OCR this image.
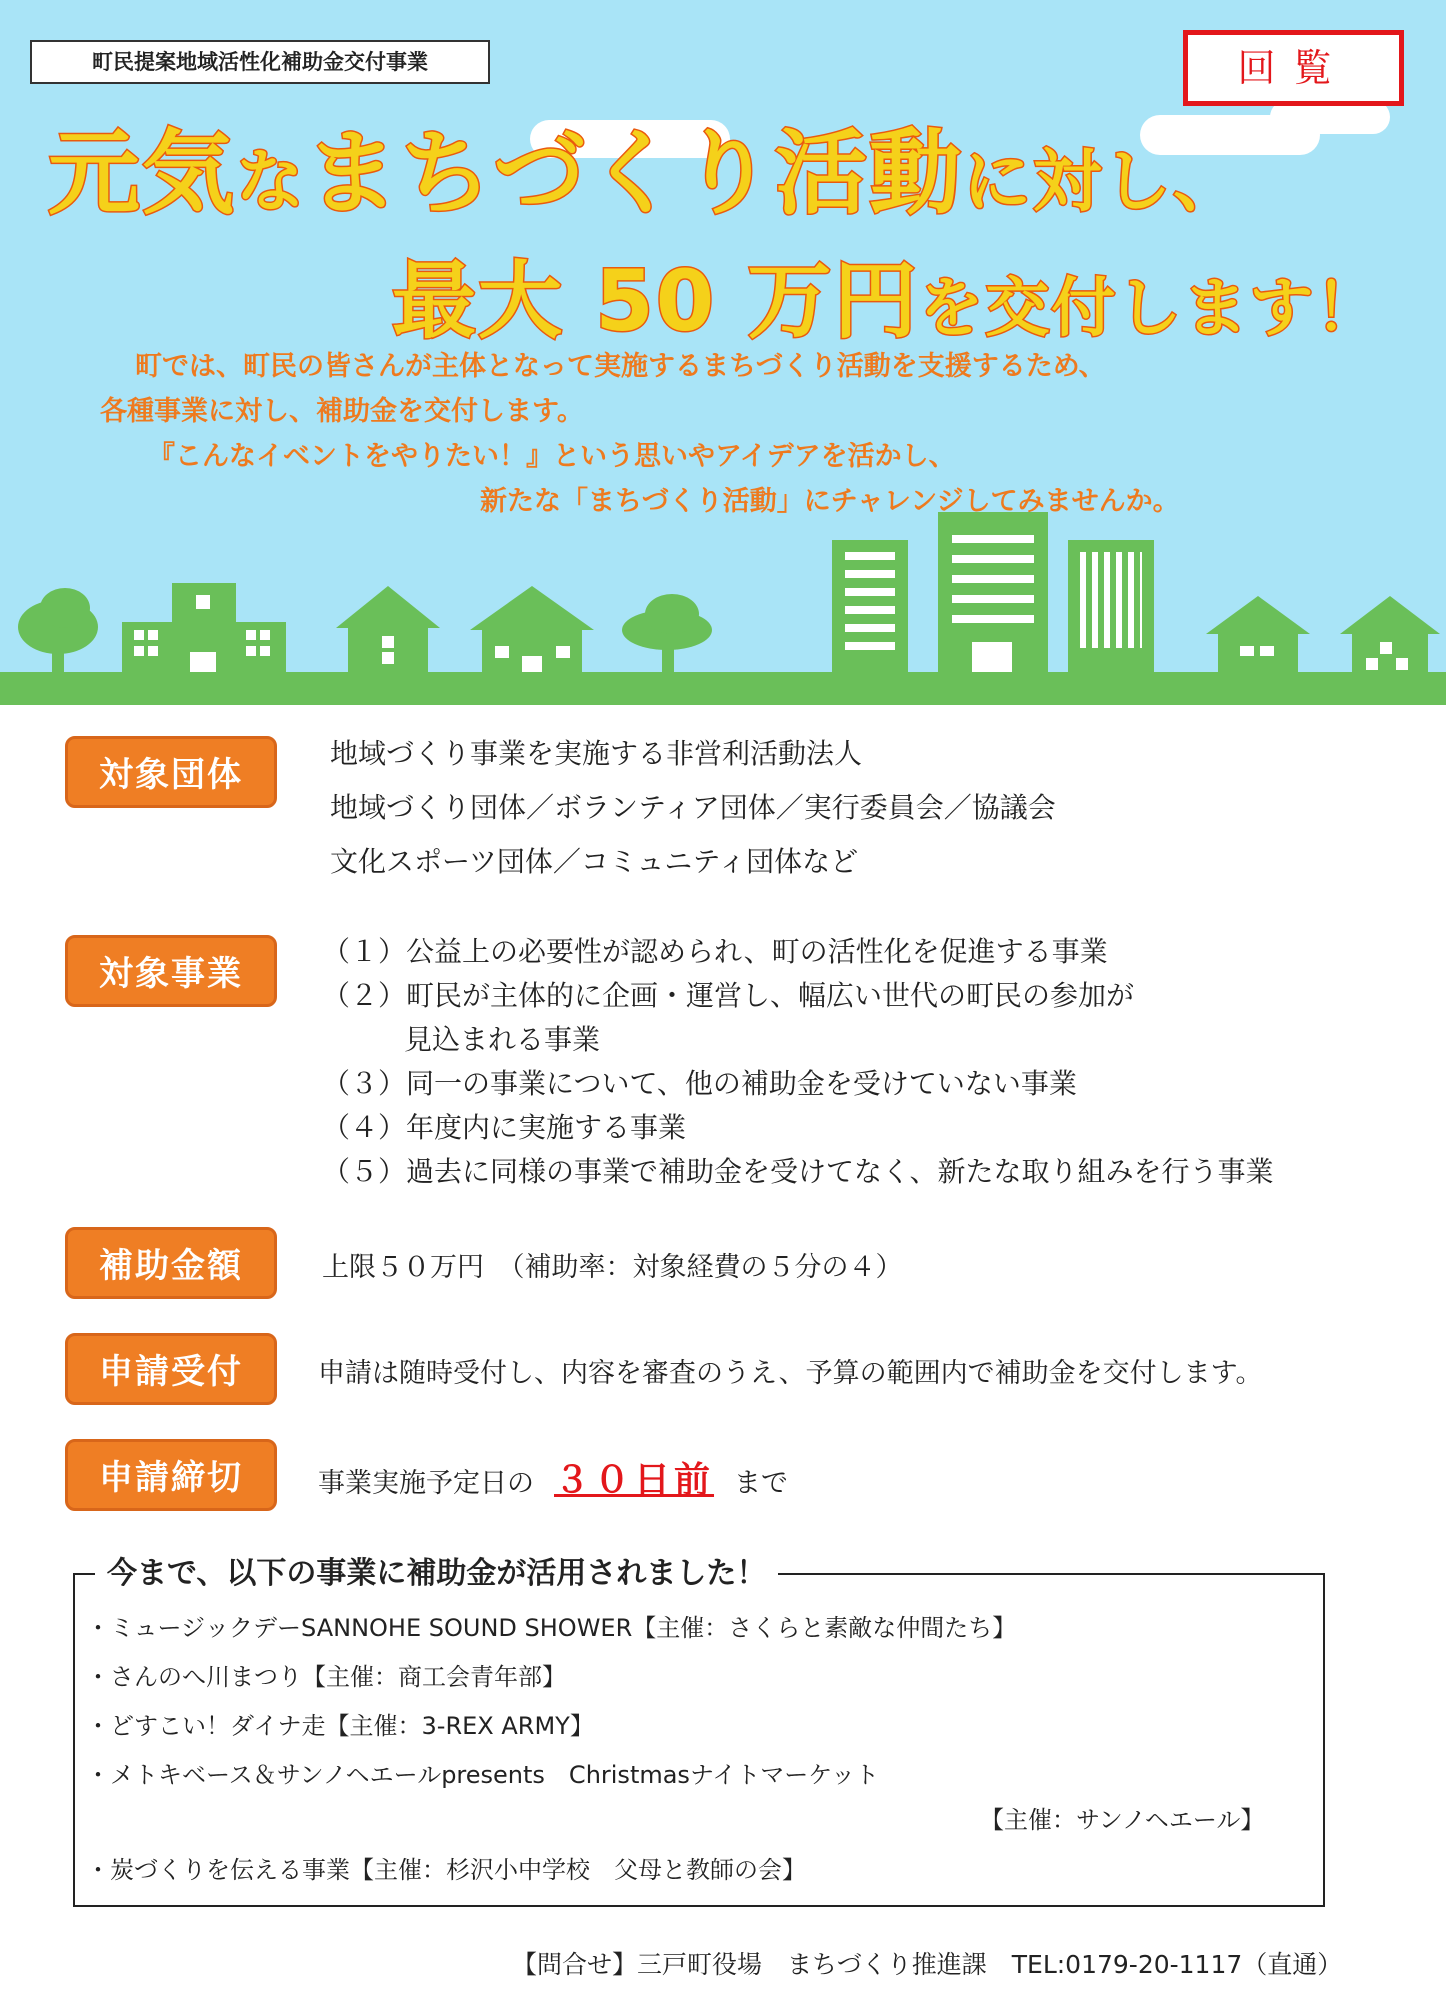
町民提案地域活性化補助金交付事業	回覧
元気なまちづくり活動に対し、
最大 50 万円を交付します！
町では、町民の皆さんが主体となって実施するまちづくり活動を支援するため、
各種事業に対し、補助金を交付します。
『こんなイベントをやりたい！』という思いやアイデアを活かし、
新たな「まちづくり活動」にチャレンジしてみませんか。
対象団体
地域づくり事業を実施する非営利活動法人
地域づくり団体／ボランティア団体／実行委員会／協議会
文化スポーツ団体／コミュニティ団体など
対象事業
（１）公益上の必要性が認められ、町の活性化を促進する事業
（２）町民が主体的に企画・運営し、幅広い世代の町民の参加が
見込まれる事業
（３）同一の事業について、他の補助金を受けていない事業
（４）年度内に実施する事業
（５）過去に同様の事業で補助金を受けてなく、新たな取り組みを行う事業
補助金額	上限５０万円　（補助率：対象経費の５分の４）
申請受付	申請は随時受付し、内容を審査のうえ、予算の範囲内で補助金を交付します。
申請締切	事業実施予定日の ３０日前 まで
今まで、以下の事業に補助金が活用されました！
・ミュージックデーSANNOHE SOUND SHOWER【主催：さくらと素敵な仲間たち】
・さんのへ川まつり【主催：商工会青年部】
・どすこい！ダイナ走【主催：3-REX ARMY】
・メトキベース＆サンノヘエールpresents　Christmasナイトマーケット
【主催：サンノヘエール】
・炭づくりを伝える事業【主催：杉沢小中学校　父母と教師の会】
【問合せ】三戸町役場　まちづくり推進課　TEL:0179-20-1117（直通）
